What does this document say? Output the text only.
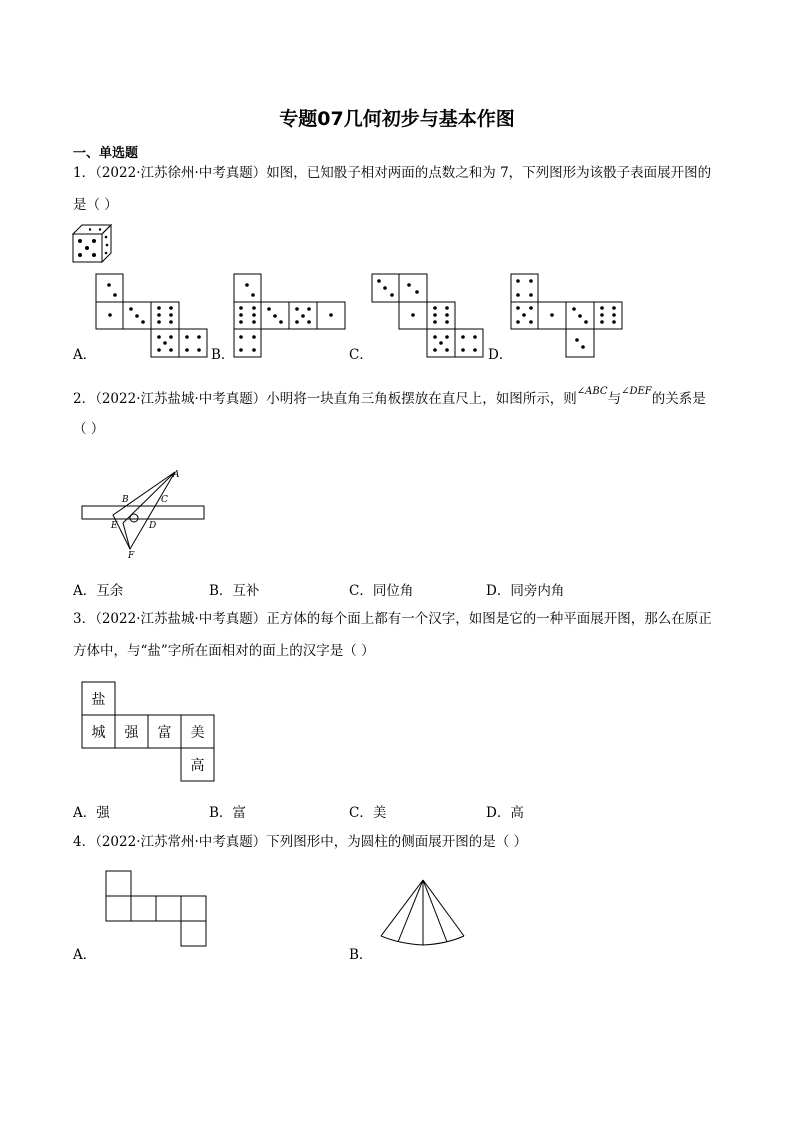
专题07几何初步与基本作图
一、单选题
1．（2022·江苏徐州·中考真题）如图，已知骰子相对两面的点数之和为 7，下列图形为该骰子表面展开图的
是（ ）
A．	B．	C．	D．
2．（2022·江苏盐城·中考真题）小明将一块直角三角板摆放在直尺上，如图所示，则$^{\angle ABC}$与$^{\angle DEF}$的关系是
（ ）
A
B	C
E	D
F
A．互余	B．互补	C．同位角	D．同旁内角
3．（2022·江苏盐城·中考真题）正方体的每个面上都有一个汉字，如图是它的一种平面展开图，那么在原正
方体中，与“盐”字所在面相对的面上的汉字是（ ）
盐
城 强 富 美
高
A．强	B．富	C．美	D．高
4．（2022·江苏常州·中考真题）下列图形中，为圆柱的侧面展开图的是（ ）
A．	B．
